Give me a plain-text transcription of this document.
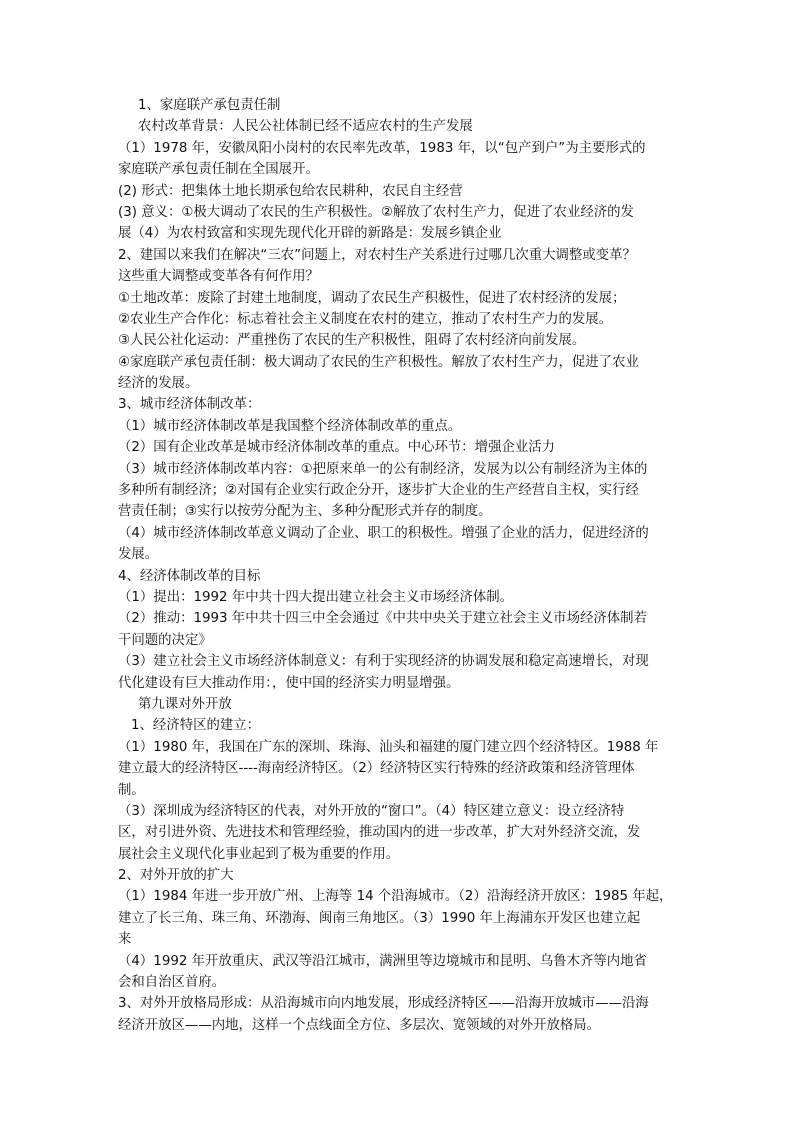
1、家庭联产承包责任制
农村改革背景：人民公社体制已经不适应农村的生产发展
（1）1978 年，安徽凤阳小岗村的农民率先改革，1983 年，以“包产到户”为主要形式的
家庭联产承包责任制在全国展开。
(2) 形式：把集体土地长期承包给农民耕种，农民自主经营
(3) 意义：①极大调动了农民的生产积极性。②解放了农村生产力，促进了农业经济的发
展（4）为农村致富和实现先现代化开辟的新路是：发展乡镇企业
2、建国以来我们在解决“三农”问题上，对农村生产关系进行过哪几次重大调整或变革？
这些重大调整或变革各有何作用？
①土地改革：废除了封建土地制度，调动了农民生产积极性，促进了农村经济的发展；
②农业生产合作化：标志着社会主义制度在农村的建立，推动了农村生产力的发展。
③人民公社化运动：严重挫伤了农民的生产积极性，阻碍了农村经济向前发展。
④家庭联产承包责任制：极大调动了农民的生产积极性。解放了农村生产力，促进了农业
经济的发展。
3、城市经济体制改革：
（1）城市经济体制改革是我国整个经济体制改革的重点。
（2）国有企业改革是城市经济体制改革的重点。中心环节：增强企业活力
（3）城市经济体制改革内容：①把原来单一的公有制经济，发展为以公有制经济为主体的
多种所有制经济；②对国有企业实行政企分开，逐步扩大企业的生产经营自主权，实行经
营责任制；③实行以按劳分配为主、多种分配形式并存的制度。
（4）城市经济体制改革意义调动了企业、职工的积极性。增强了企业的活力，促进经济的
发展。
4、经济体制改革的目标
（1）提出：1992 年中共十四大提出建立社会主义市场经济体制。
（2）推动：1993 年中共十四三中全会通过《中共中央关于建立社会主义市场经济体制若
干问题的决定》
（3）建立社会主义市场经济体制意义：有利于实现经济的协调发展和稳定高速增长，对现
代化建设有巨大推动作用：，使中国的经济实力明显增强。
第九课对外开放
1、经济特区的建立：
（1）1980 年，我国在广东的深圳、珠海、汕头和福建的厦门建立四个经济特区。1988 年
建立最大的经济特区----海南经济特区。（2）经济特区实行特殊的经济政策和经济管理体
制。
（3）深圳成为经济特区的代表，对外开放的“窗口”。（4）特区建立意义：设立经济特
区，对引进外资、先进技术和管理经验，推动国内的进一步改革，扩大对外经济交流，发
展社会主义现代化事业起到了极为重要的作用。
2、对外开放的扩大
（1）1984 年进一步开放广州、上海等 14 个沿海城市。（2）沿海经济开放区：1985 年起，
建立了长三角、珠三角、环渤海、闽南三角地区。（3）1990 年上海浦东开发区也建立起
来
（4）1992 年开放重庆、武汉等沿江城市，满洲里等边境城市和昆明、乌鲁木齐等内地省
会和自治区首府。
3、对外开放格局形成：从沿海城市向内地发展，形成经济特区——沿海开放城市——沿海
经济开放区——内地，这样一个点线面全方位、多层次、宽领域的对外开放格局。
